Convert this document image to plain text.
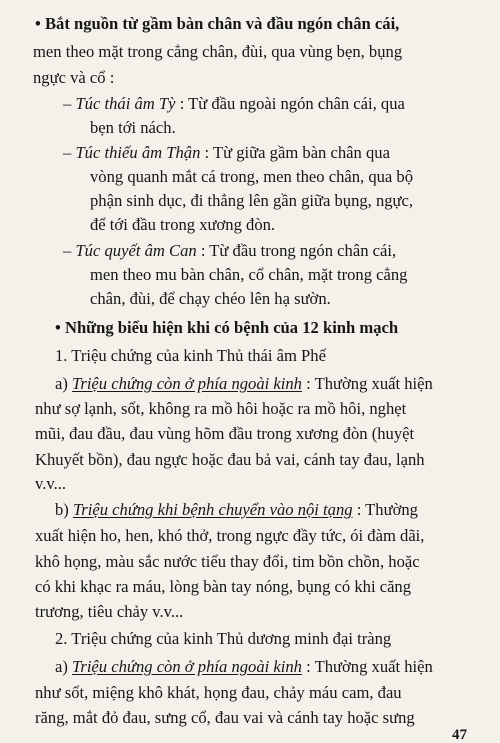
• Bắt nguồn từ gầm bàn chân và đầu ngón chân cái,
men theo mặt trong cẳng chân, đùi, qua vùng bẹn, bụng
ngực và cổ :
– Túc thái âm Tỳ : Từ đầu ngoài ngón chân cái, qua
bẹn tới nách.
– Túc thiếu âm Thận : Từ giữa gầm bàn chân qua
vòng quanh mắt cá trong, men theo chân, qua bộ
phận sinh dục, đi thẳng lên gần giữa bụng, ngực,
để tới đầu trong xương đòn.
– Túc quyết âm Can : Từ đầu trong ngón chân cái,
men theo mu bàn chân, cổ chân, mặt trong cẳng
chân, đùi, để chạy chéo lên hạ sườn.
• Những biểu hiện khi có bệnh của 12 kinh mạch
1. Triệu chứng của kinh Thủ thái âm Phế
a) Triệu chứng còn ở phía ngoài kinh : Thường xuất hiện
như sợ lạnh, sốt, không ra mồ hôi hoặc ra mồ hôi, nghẹt
mũi, đau đầu, đau vùng hõm đầu trong xương đòn (huyệt
Khuyết bồn), đau ngực hoặc đau bả vai, cánh tay đau, lạnh
v.v...
b) Triệu chứng khi bệnh chuyển vào nội tạng : Thường
xuất hiện ho, hen, khó thở, trong ngực đầy tức, ói đàm dãi,
khô họng, màu sắc nước tiểu thay đổi, tim bồn chồn, hoặc
có khi khạc ra máu, lòng bàn tay nóng, bụng có khi căng
trương, tiêu chảy v.v...
2. Triệu chứng của kinh Thủ dương minh đại tràng
a) Triệu chứng còn ở phía ngoài kinh : Thường xuất hiện
như sốt, miệng khô khát, họng đau, chảy máu cam, đau
răng, mắt đỏ đau, sưng cổ, đau vai và cánh tay hoặc sưng
47
